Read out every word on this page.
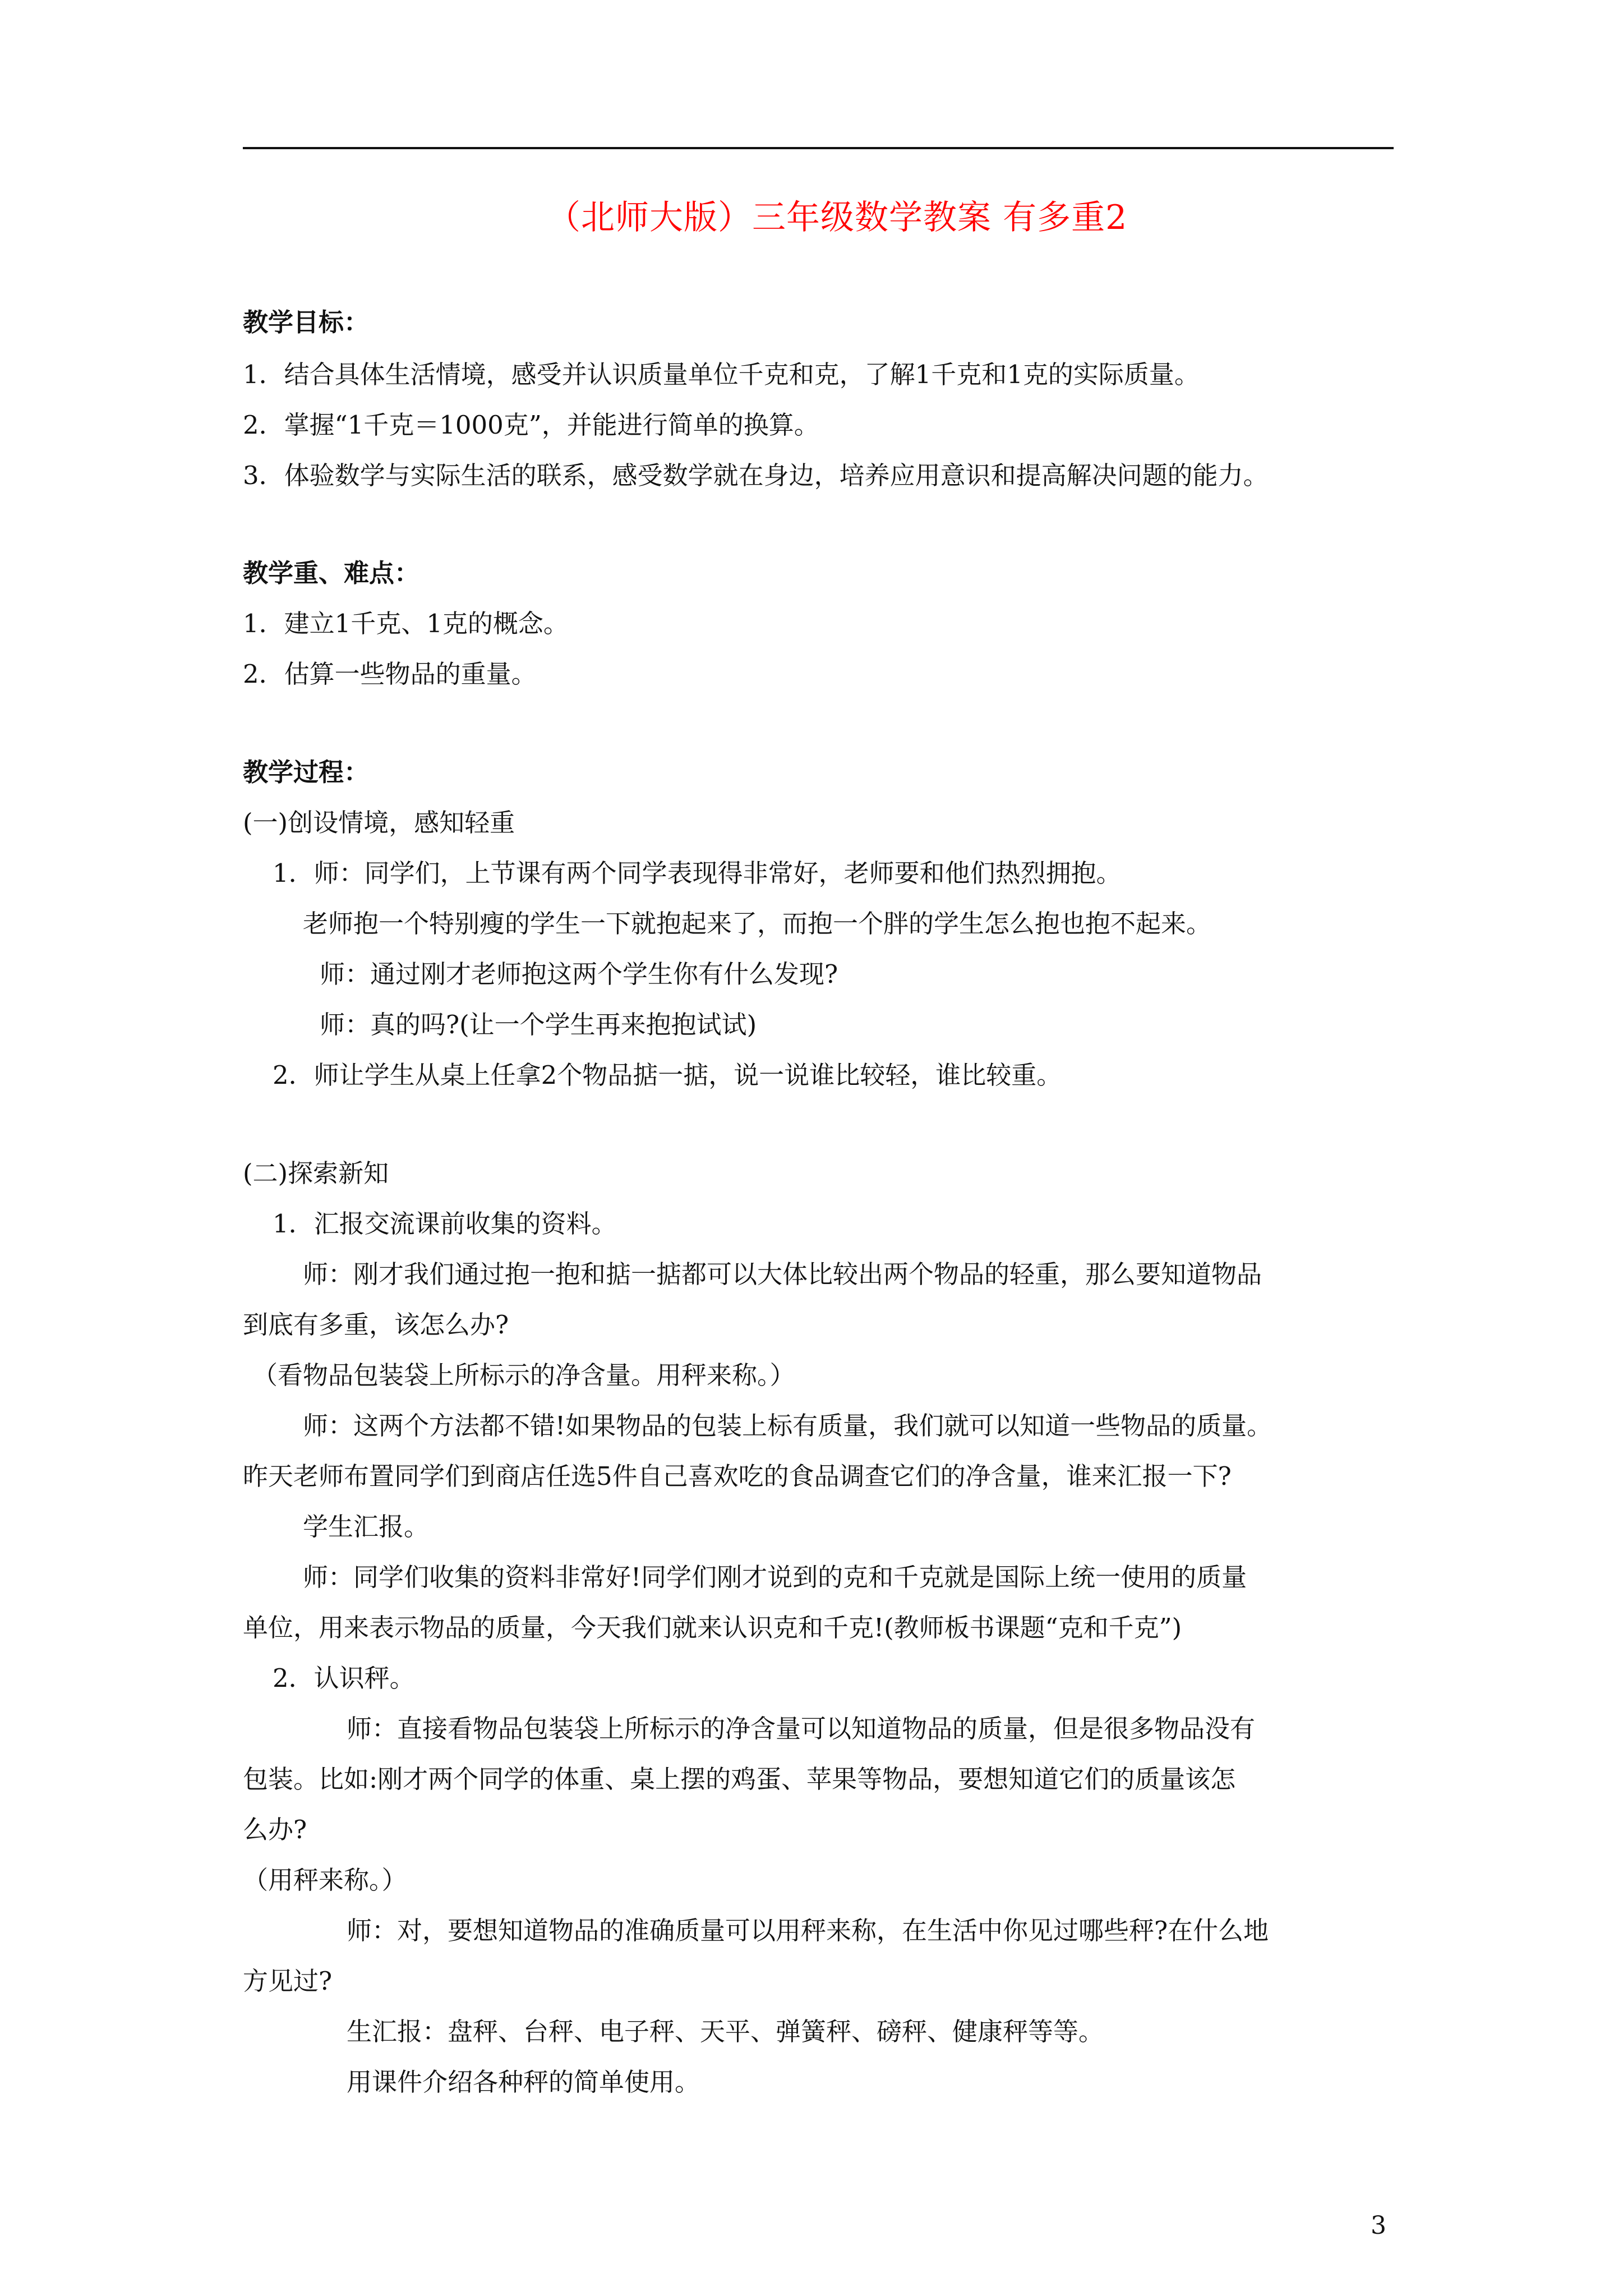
（北师大版）三年级数学教案 有多重2
教学目标：
1．结合具体生活情境，感受并认识质量单位千克和克，了解1千克和1克的实际质量。
2．掌握“1千克＝1000克”，并能进行简单的换算。
3．体验数学与实际生活的联系，感受数学就在身边，培养应用意识和提高解决问题的能力。
教学重、难点：
1．建立1千克、1克的概念。
2．估算一些物品的重量。
教学过程：
(一)创设情境，感知轻重
1．师：同学们，上节课有两个同学表现得非常好，老师要和他们热烈拥抱。
老师抱一个特别瘦的学生一下就抱起来了，而抱一个胖的学生怎么抱也抱不起来。
师：通过刚才老师抱这两个学生你有什么发现?
师：真的吗?(让一个学生再来抱抱试试)
2．师让学生从桌上任拿2个物品掂一掂，说一说谁比较轻，谁比较重。
(二)探索新知
1．汇报交流课前收集的资料。
师：刚才我们通过抱一抱和掂一掂都可以大体比较出两个物品的轻重，那么要知道物品
到底有多重，该怎么办?
（看物品包装袋上所标示的净含量。用秤来称。）
师：这两个方法都不错!如果物品的包装上标有质量，我们就可以知道一些物品的质量。
昨天老师布置同学们到商店任选5件自己喜欢吃的食品调查它们的净含量，谁来汇报一下?
学生汇报。
师：同学们收集的资料非常好!同学们刚才说到的克和千克就是国际上统一使用的质量
单位，用来表示物品的质量，今天我们就来认识克和千克!(教师板书课题“克和千克”)
2．认识秤。
师：直接看物品包装袋上所标示的净含量可以知道物品的质量，但是很多物品没有
包装。比如:刚才两个同学的体重、桌上摆的鸡蛋、苹果等物品，要想知道它们的质量该怎
么办?
（用秤来称。）
师：对，要想知道物品的准确质量可以用秤来称，在生活中你见过哪些秤?在什么地
方见过?
生汇报：盘秤、台秤、电子秤、天平、弹簧秤、磅秤、健康秤等等。
用课件介绍各种秤的简单使用。
3
